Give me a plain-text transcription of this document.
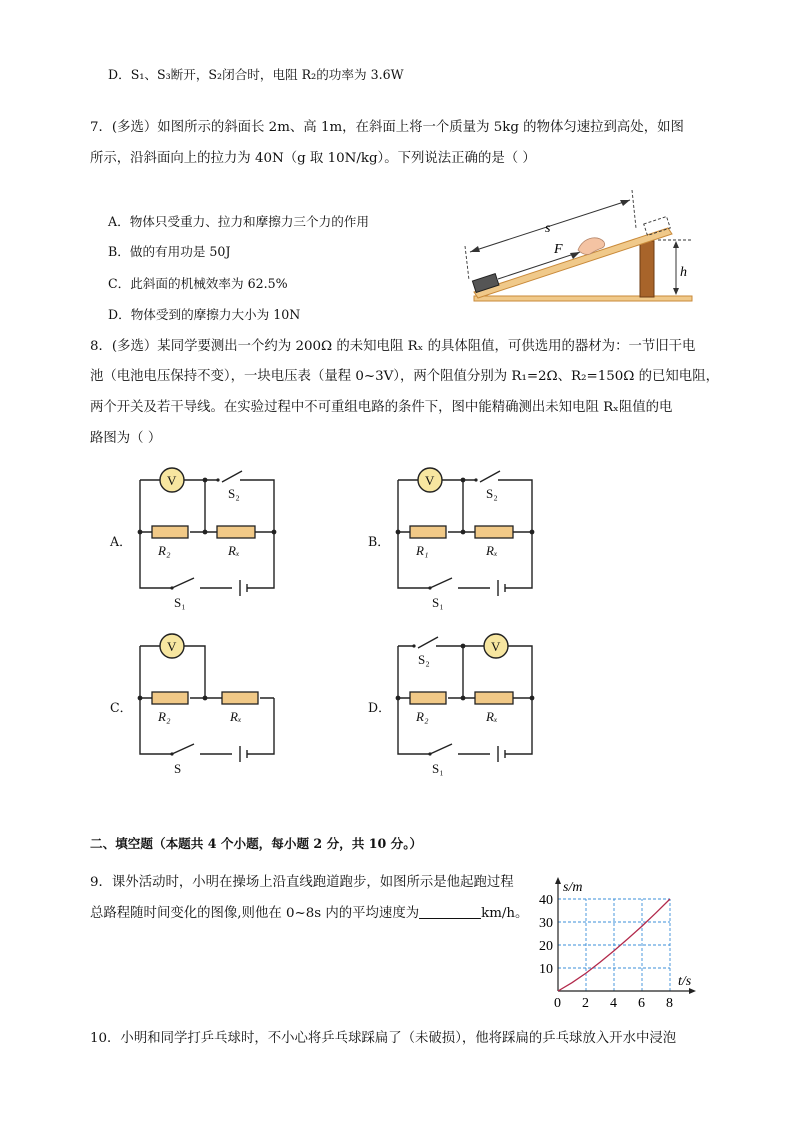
D．S₁、S₃断开，S₂闭合时，电阻 R₂的功率为 3.6W
7．(多选）如图所示的斜面长 2m、高 1m，在斜面上将一个质量为 5kg 的物体匀速拉到高处，如图
所示，沿斜面向上的拉力为 40N（g 取 10N/kg）。下列说法正确的是（ ）
A．物体只受重力、拉力和摩擦力三个力的作用
B．做的有用功是 50J
C．此斜面的机械效率为 62.5%
D．物体受到的摩擦力大小为 10N
8．(多选）某同学要测出一个约为 200Ω 的未知电阻 Rₓ 的具体阻值，可供选用的器材为：一节旧干电
池（电池电压保持不变），一块电压表（量程 0~3V），两个阻值分别为 R₁=2Ω、R₂=150Ω 的已知电阻，
两个开关及若干导线。在实验过程中不可重组电路的条件下，图中能精确测出未知电阻 Rₓ阻值的电
路图为（ ）
二、填空题（本题共 4 个小题，每小题 2 分，共 10 分。）
9．课外活动时，小明在操场上沿直线跑道跑步，如图所示是他起跑过程
总路程随时间变化的图像,则他在 0~8s 内的平均速度为	km/h。
10．小明和同学打乒乓球时，不小心将乒乓球踩扁了（未破损），他将踩扁的乒乓球放入开水中浸泡
s
F
h
A．
V
S₂
R₂	Rₓ
S₁
B．
V
S₂
R₁	Rₓ
S₁
C．
V
R₂	Rₓ
S
D．
V
S₂
R₂	Rₓ
S₁
0 2 4 6 8
10
20
30
40
s/m
t/s
